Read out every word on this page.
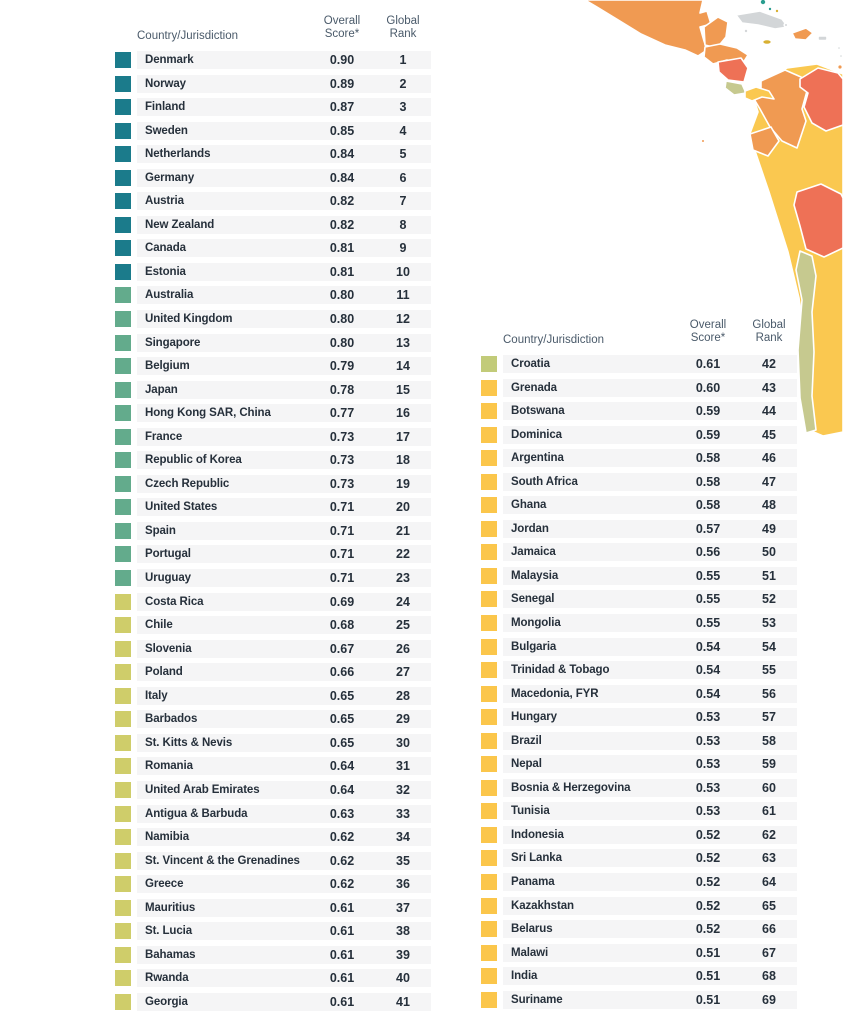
Country/Jurisdiction
Overall
Score*
Global
Rank
Denmark	0.90	1
Norway	0.89	2
Finland	0.87	3
Sweden	0.85	4
Netherlands	0.84	5
Germany	0.84	6
Austria	0.82	7
New Zealand	0.82	8
Canada	0.81	9
Estonia	0.81	10
Australia	0.80	11
United Kingdom	0.80	12
Singapore	0.80	13
Belgium	0.79	14
Japan	0.78	15
Hong Kong SAR, China	0.77	16
France	0.73	17
Republic of Korea	0.73	18
Czech Republic	0.73	19
United States	0.71	20
Spain	0.71	21
Portugal	0.71	22
Uruguay	0.71	23
Costa Rica	0.69	24
Chile	0.68	25
Slovenia	0.67	26
Poland	0.66	27
Italy	0.65	28
Barbados	0.65	29
St. Kitts & Nevis	0.65	30
Romania	0.64	31
United Arab Emirates	0.64	32
Antigua & Barbuda	0.63	33
Namibia	0.62	34
St. Vincent & the Grenadines	0.62	35
Greece	0.62	36
Mauritius	0.61	37
St. Lucia	0.61	38
Bahamas	0.61	39
Rwanda	0.61	40
Georgia	0.61	41
Country/Jurisdiction
Overall
Score*
Global
Rank
Croatia	0.61	42
Grenada	0.60	43
Botswana	0.59	44
Dominica	0.59	45
Argentina	0.58	46
South Africa	0.58	47
Ghana	0.58	48
Jordan	0.57	49
Jamaica	0.56	50
Malaysia	0.55	51
Senegal	0.55	52
Mongolia	0.55	53
Bulgaria	0.54	54
Trinidad & Tobago	0.54	55
Macedonia, FYR	0.54	56
Hungary	0.53	57
Brazil	0.53	58
Nepal	0.53	59
Bosnia & Herzegovina	0.53	60
Tunisia	0.53	61
Indonesia	0.52	62
Sri Lanka	0.52	63
Panama	0.52	64
Kazakhstan	0.52	65
Belarus	0.52	66
Malawi	0.51	67
India	0.51	68
Suriname	0.51	69
